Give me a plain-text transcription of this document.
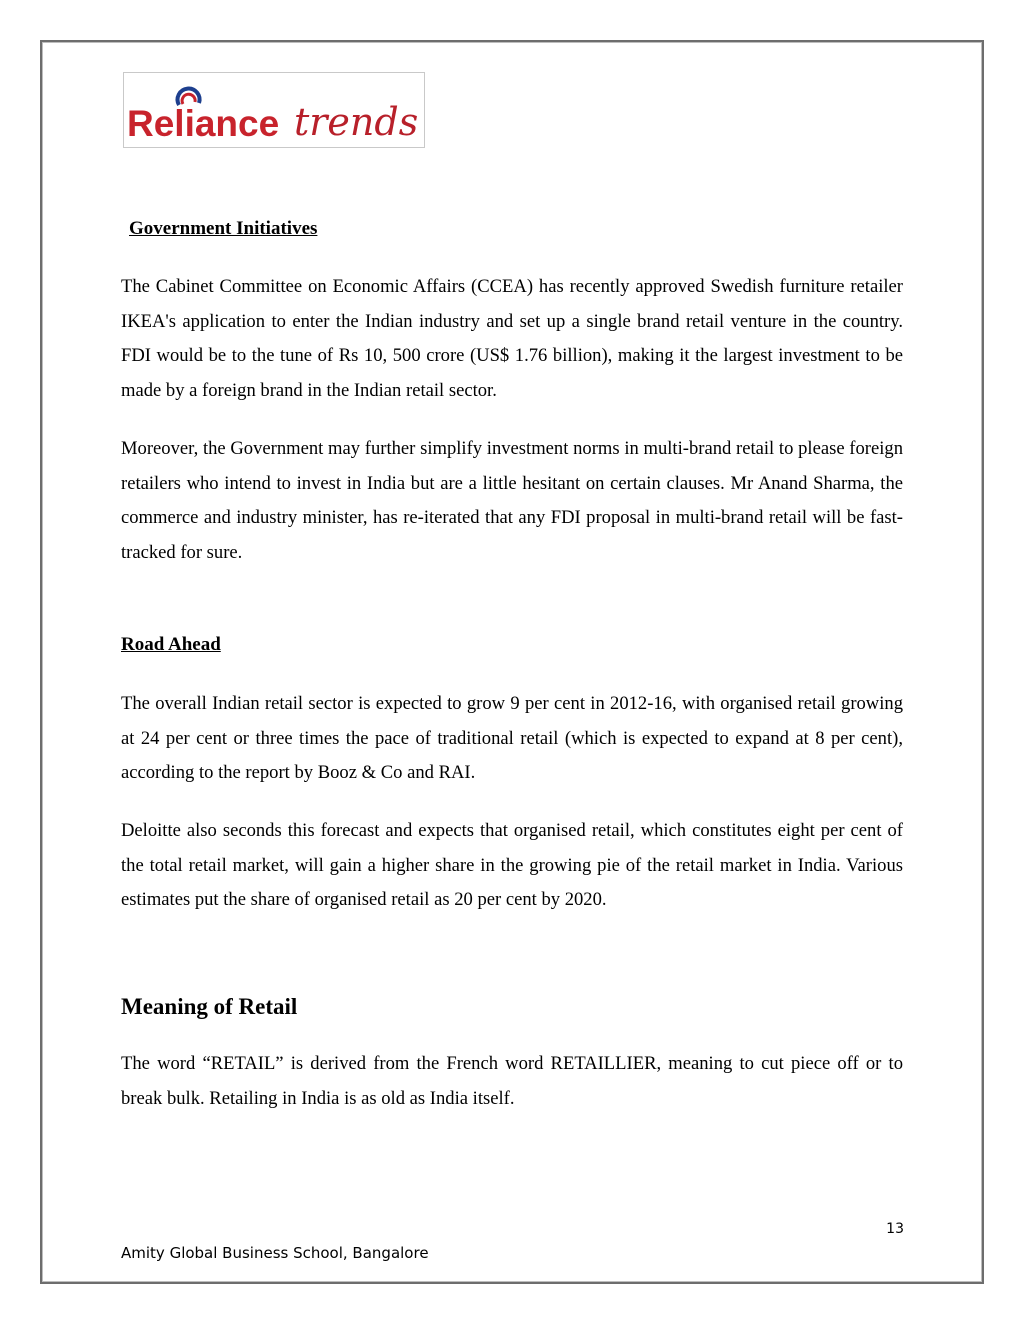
Reliance trends
Government Initiatives

The Cabinet Committee on Economic Affairs (CCEA) has recently approved Swedish furniture retailer IKEA's application to enter the Indian industry and set up a single brand retail venture in the country. FDI would be to the tune of Rs 10, 500 crore (US$ 1.76 billion), making it the largest investment to be made by a foreign brand in the Indian retail sector.

Moreover, the Government may further simplify investment norms in multi-brand retail to please foreign retailers who intend to invest in India but are a little hesitant on certain clauses. Mr Anand Sharma, the commerce and industry minister, has re-iterated that any FDI proposal in multi-brand retail will be fast-tracked for sure.

Road Ahead

The overall Indian retail sector is expected to grow 9 per cent in 2012-16, with organised retail growing at 24 per cent or three times the pace of traditional retail (which is expected to expand at 8 per cent), according to the report by Booz & Co and RAI.

Deloitte also seconds this forecast and expects that organised retail, which constitutes eight per cent of the total retail market, will gain a higher share in the growing pie of the retail market in India. Various estimates put the share of organised retail as 20 per cent by 2020.

Meaning of Retail

The word “RETAIL” is derived from the French word RETAILLIER, meaning to cut piece off or to break bulk. Retailing in India is as old as India itself.

13
Amity Global Business School, Bangalore
